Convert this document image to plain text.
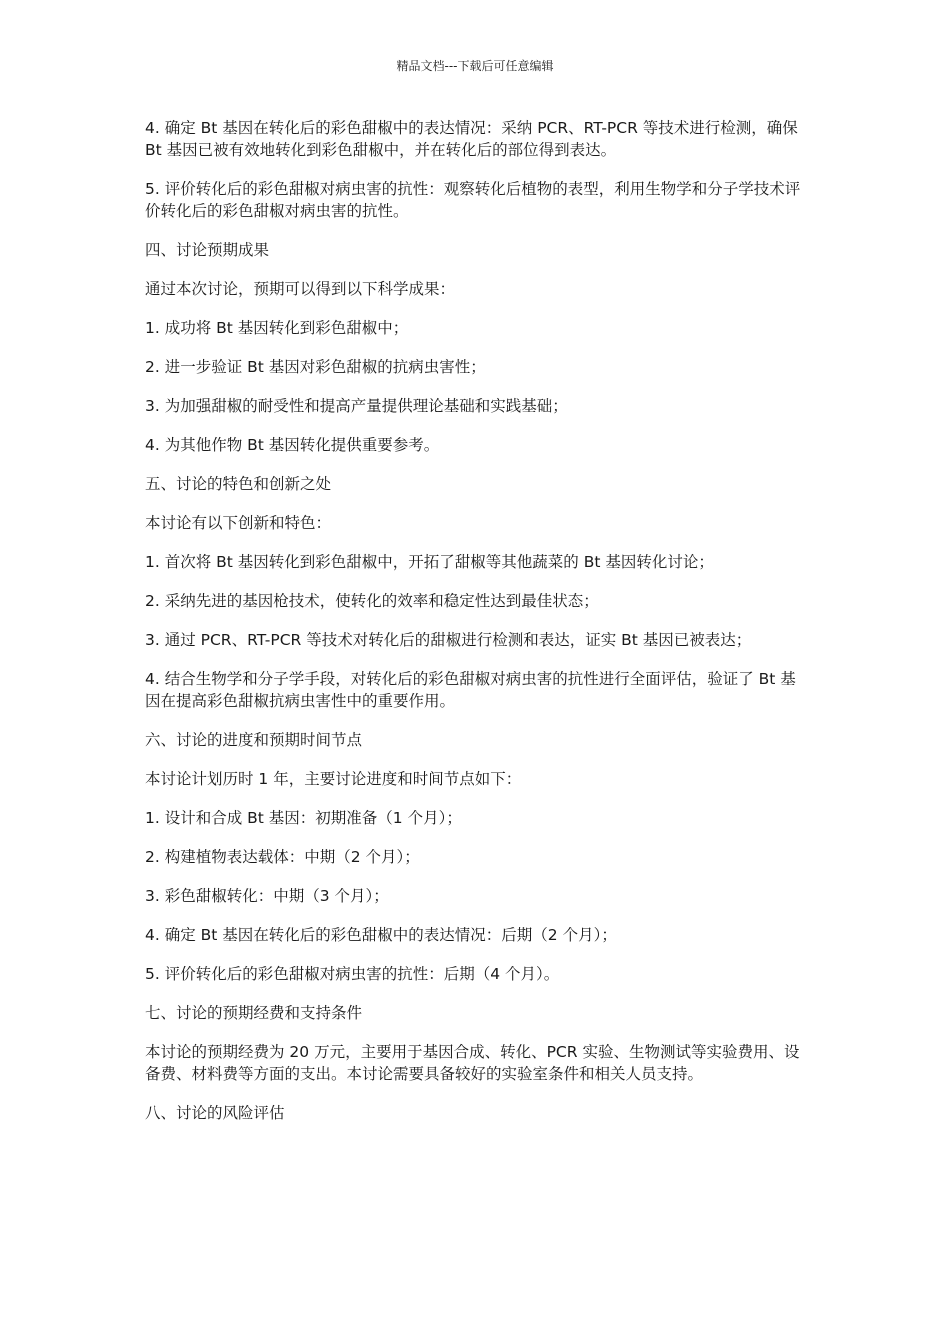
精品文档---下载后可任意编辑

4. 确定 Bt 基因在转化后的彩色甜椒中的表达情况：采纳 PCR、RT-PCR 等技术进行检测，确保 Bt 基因已被有效地转化到彩色甜椒中，并在转化后的部位得到表达。

5. 评价转化后的彩色甜椒对病虫害的抗性：观察转化后植物的表型，利用生物学和分子学技术评价转化后的彩色甜椒对病虫害的抗性。

四、讨论预期成果

通过本次讨论，预期可以得到以下科学成果：

1. 成功将 Bt 基因转化到彩色甜椒中；

2. 进一步验证 Bt 基因对彩色甜椒的抗病虫害性；

3. 为加强甜椒的耐受性和提高产量提供理论基础和实践基础；

4. 为其他作物 Bt 基因转化提供重要参考。

五、讨论的特色和创新之处

本讨论有以下创新和特色：

1. 首次将 Bt 基因转化到彩色甜椒中，开拓了甜椒等其他蔬菜的 Bt 基因转化讨论；

2. 采纳先进的基因枪技术，使转化的效率和稳定性达到最佳状态；

3. 通过 PCR、RT-PCR 等技术对转化后的甜椒进行检测和表达，证实 Bt 基因已被表达；

4. 结合生物学和分子学手段，对转化后的彩色甜椒对病虫害的抗性进行全面评估，验证了 Bt 基因在提高彩色甜椒抗病虫害性中的重要作用。

六、讨论的进度和预期时间节点

本讨论计划历时 1 年，主要讨论进度和时间节点如下：

1. 设计和合成 Bt 基因：初期准备（1 个月）；

2. 构建植物表达载体：中期（2 个月）；

3. 彩色甜椒转化：中期（3 个月）；

4. 确定 Bt 基因在转化后的彩色甜椒中的表达情况：后期（2 个月）；

5. 评价转化后的彩色甜椒对病虫害的抗性：后期（4 个月）。

七、讨论的预期经费和支持条件

本讨论的预期经费为 20 万元，主要用于基因合成、转化、PCR 实验、生物测试等实验费用、设备费、材料费等方面的支出。本讨论需要具备较好的实验室条件和相关人员支持。

八、讨论的风险评估
